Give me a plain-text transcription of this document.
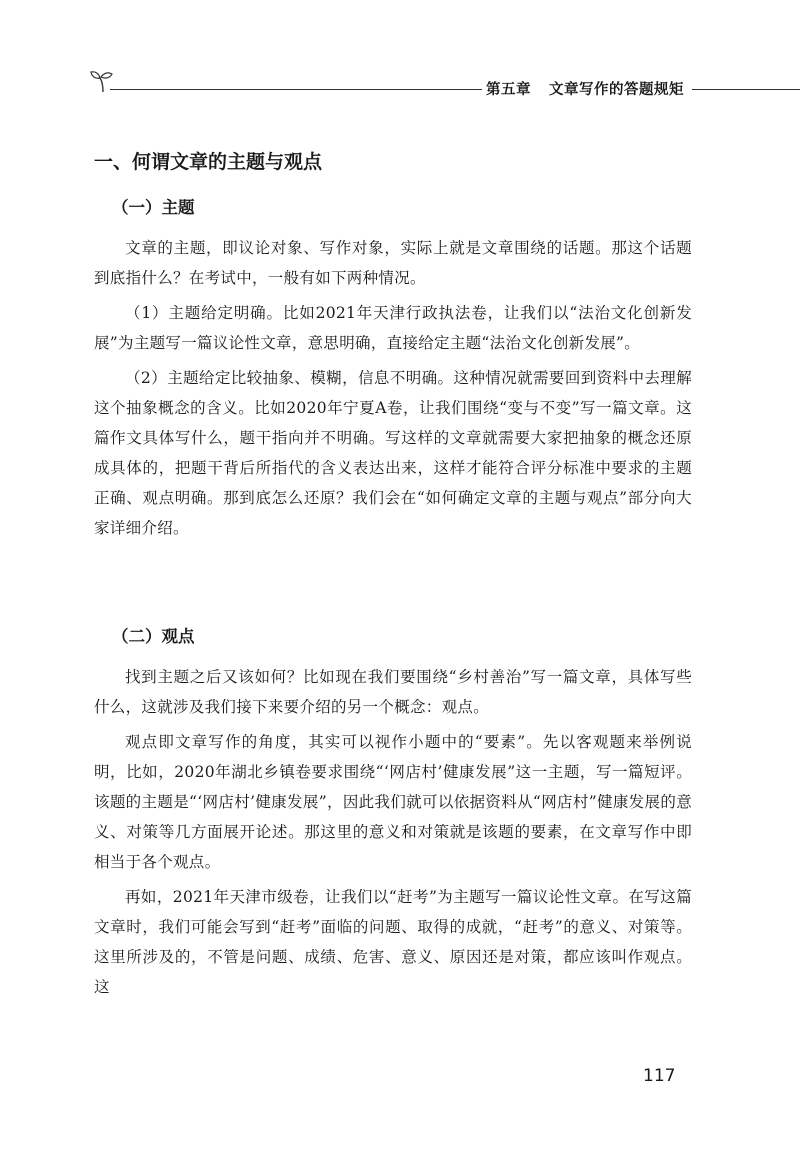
第五章 文章写作的答题规矩
一、何谓文章的主题与观点
（一）主题

文章的主题，即议论对象、写作对象，实际上就是文章围绕的话题。那这个话题到底指什么？在考试中，一般有如下两种情况。

（1）主题给定明确。比如2021年天津行政执法卷，让我们以“法治文化创新发展”为主题写一篇议论性文章，意思明确，直接给定主题“法治文化创新发展”。

（2）主题给定比较抽象、模糊，信息不明确。这种情况就需要回到资料中去理解这个抽象概念的含义。比如2020年宁夏A卷，让我们围绕“变与不变”写一篇文章。这篇作文具体写什么，题干指向并不明确。写这样的文章就需要大家把抽象的概念还原成具体的，把题干背后所指代的含义表达出来，这样才能符合评分标准中要求的主题正确、观点明确。那到底怎么还原？我们会在“如何确定文章的主题与观点”部分向大家详细介绍。

（二）观点

找到主题之后又该如何？比如现在我们要围绕“乡村善治”写一篇文章，具体写些什么，这就涉及我们接下来要介绍的另一个概念：观点。

观点即文章写作的角度，其实可以视作小题中的“要素”。先以客观题来举例说明，比如，2020年湖北乡镇卷要求围绕“‘网店村’健康发展”这一主题，写一篇短评。该题的主题是“‘网店村’健康发展”，因此我们就可以依据资料从“网店村”健康发展的意义、对策等几方面展开论述。那这里的意义和对策就是该题的要素，在文章写作中即相当于各个观点。

再如，2021年天津市级卷，让我们以“赶考”为主题写一篇议论性文章。在写这篇文章时，我们可能会写到“赶考”面临的问题、取得的成就，“赶考”的意义、对策等。这里所涉及的，不管是问题、成绩、危害、意义、原因还是对策，都应该叫作观点。这

117
